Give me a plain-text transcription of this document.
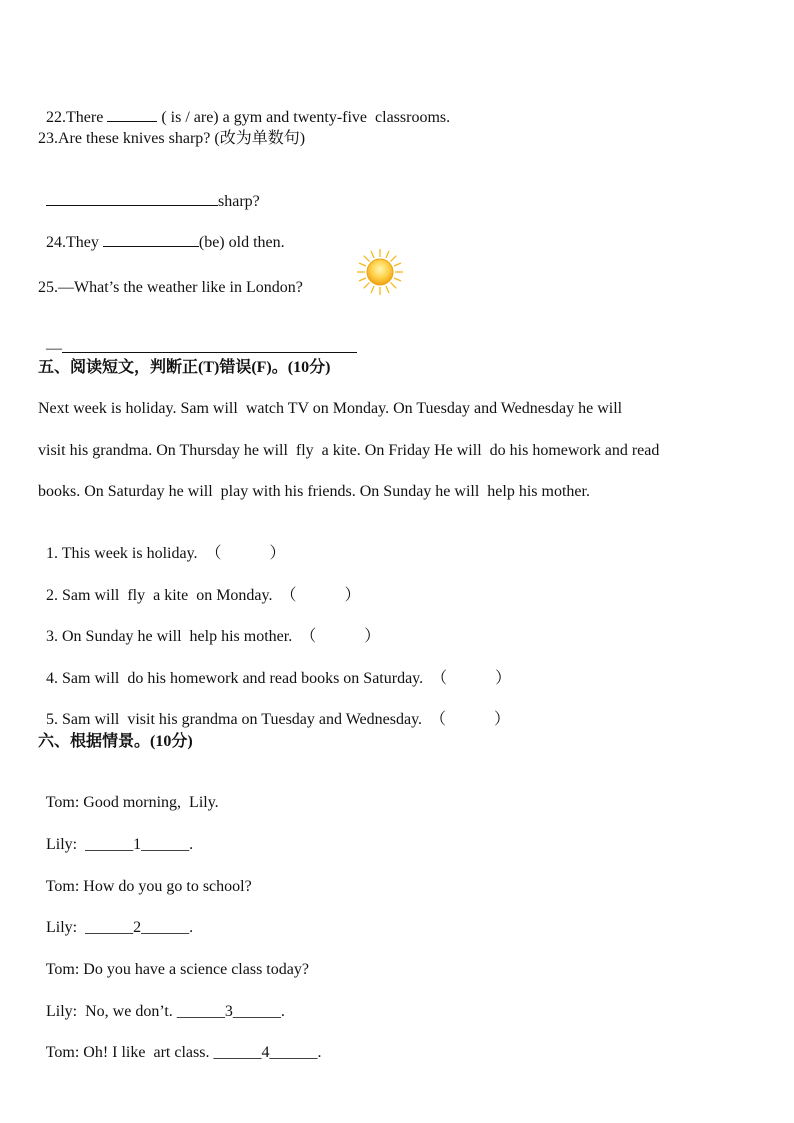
22.There	( is / are) a gym and twenty-five  classrooms.

23.Are these knives sharp? (改为单数句)

sharp?

24.They	(be) old then.

25.—What’s the weather like in London?

—

五、阅读短文，判断正(T)错误(F)。(10分)
Next week is holiday. Sam will  watch TV on Monday. On Tuesday and Wednesday he will
visit his grandma. On Thursday he will  fly  a kite. On Friday He will  do his homework and read
books. On Saturday he will  play with his friends. On Sunday he will  help his mother.

1. This week is holiday. （            ）

2. Sam will  fly  a kite  on Monday. （            ）

3. On Sunday he will  help his mother. （            ）

4. Sam will  do his homework and read books on Saturday. （            ）

5. Sam will  visit his grandma on Tuesday and Wednesday. （            ）

六、根据情景。(10分)

Tom: Good morning,  Lily.

Lily:  ______1______.

Tom: How do you go to school?

Lily:  ______2______.

Tom: Do you have a science class today?

Lily:  No, we don’t. ______3______.

Tom: Oh! I like  art class. ______4______.
